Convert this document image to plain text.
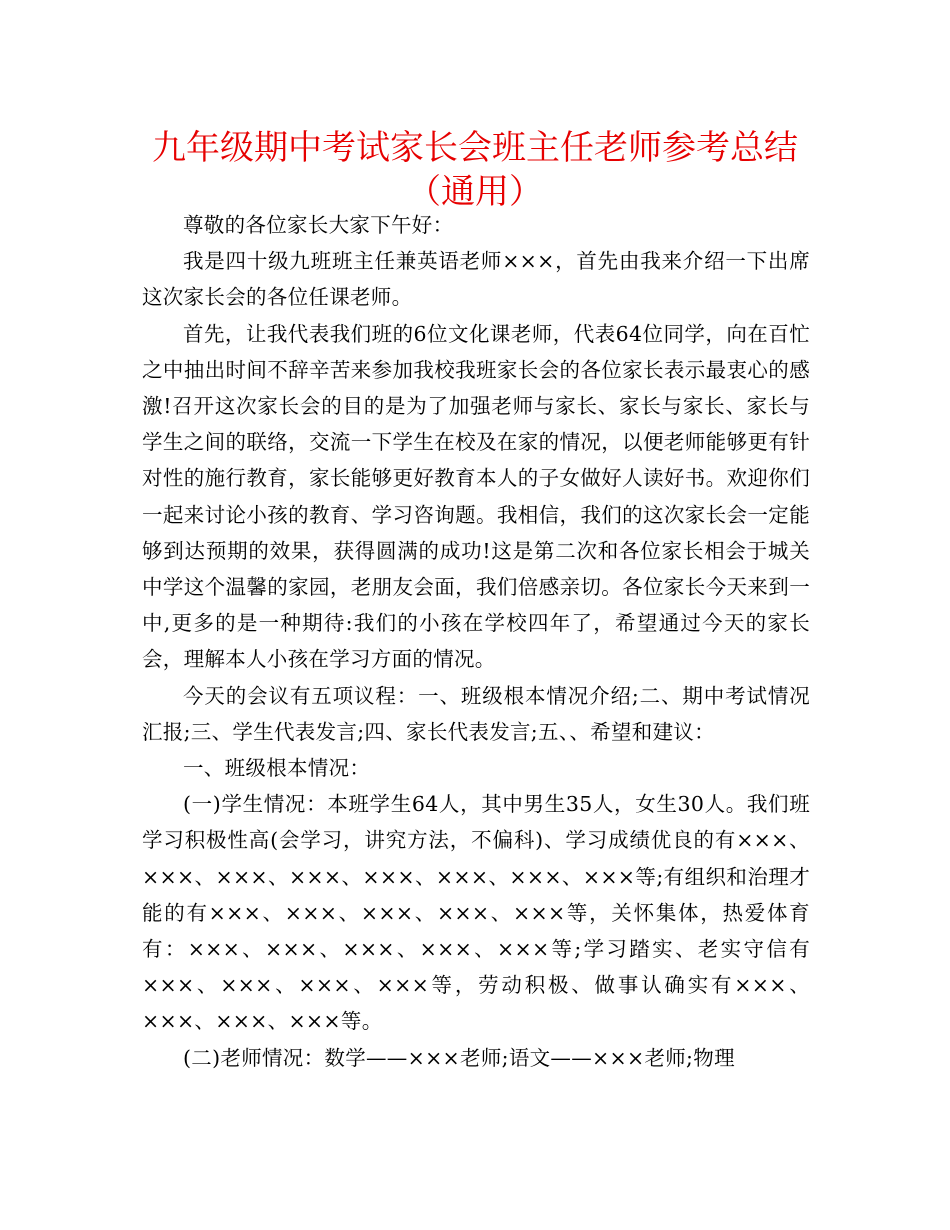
九年级期中考试家长会班主任老师参考总结（通用）

尊敬的各位家长大家下午好：

我是四十级九班班主任兼英语老师×××，首先由我来介绍一下出席这次家长会的各位任课老师。

首先，让我代表我们班的6位文化课老师，代表64位同学，向在百忙之中抽出时间不辞辛苦来参加我校我班家长会的各位家长表示最衷心的感激!召开这次家长会的目的是为了加强老师与家长、家长与家长、家长与学生之间的联络，交流一下学生在校及在家的情况，以便老师能够更有针对性的施行教育，家长能够更好教育本人的子女做好人读好书。欢迎你们一起来讨论小孩的教育、学习咨询题。我相信，我们的这次家长会一定能够到达预期的效果，获得圆满的成功!这是第二次和各位家长相会于城关中学这个温馨的家园，老朋友会面，我们倍感亲切。各位家长今天来到一中,更多的是一种期待:我们的小孩在学校四年了，希望通过今天的家长会，理解本人小孩在学习方面的情况。

今天的会议有五项议程：一、班级根本情况介绍;二、期中考试情况汇报;三、学生代表发言;四、家长代表发言;五、、希望和建议：

一、班级根本情况：

(一)学生情况：本班学生64人，其中男生35人，女生30人。我们班学习积极性高(会学习，讲究方法，不偏科)、学习成绩优良的有×××、×××、×××、×××、×××、×××、×××、×××等;有组织和治理才能的有×××、×××、×××、×××、×××等，关怀集体，热爱体育有：×××、×××、×××、×××、×××等;学习踏实、老实守信有×××、×××、×××、×××等，劳动积极、做事认确实有×××、×××、×××、×××等。

(二)老师情况：数学——×××老师;语文——×××老师;物理
